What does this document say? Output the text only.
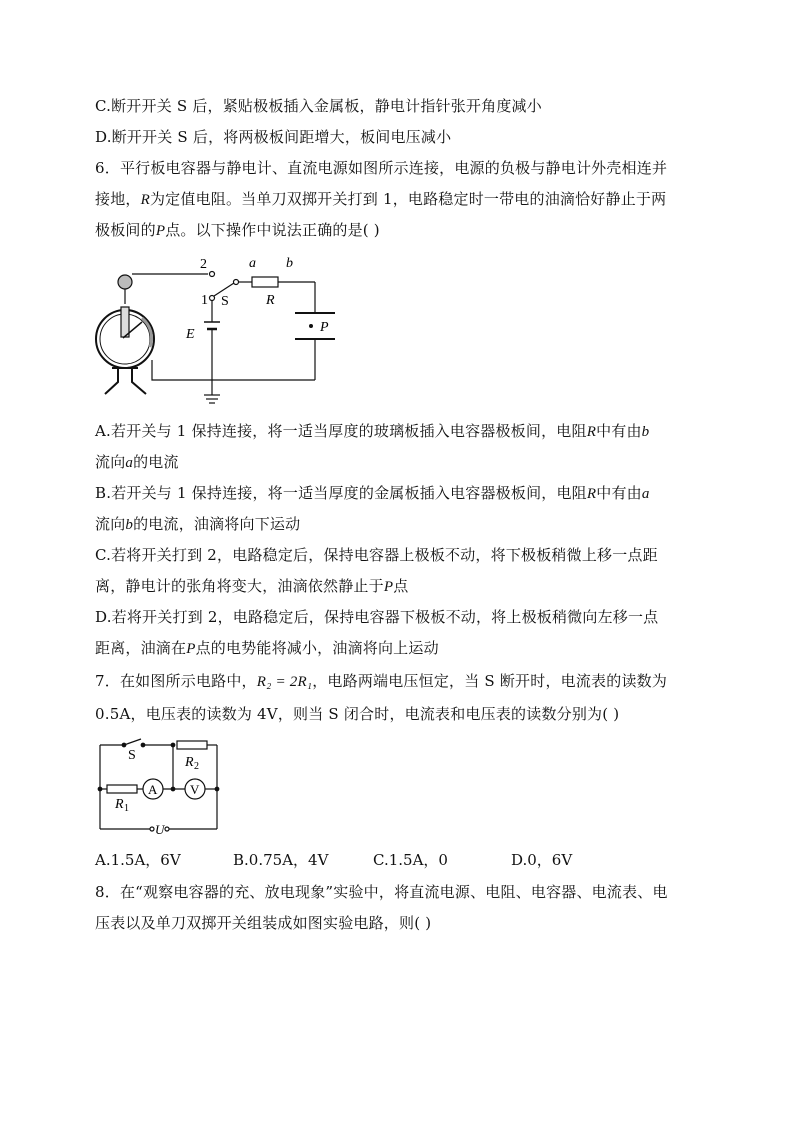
C.断开开关 S 后，紧贴极板插入金属板，静电计指针张开角度减小
D.断开开关 S 后，将两极板间距增大，板间电压减小
6．平行板电容器与静电计、直流电源如图所示连接，电源的负极与静电计外壳相连并
接地，R为定值电阻。当单刀双掷开关打到 1，电路稳定时一带电的油滴恰好静止于两
极板间的P点。以下操作中说法正确的是( )
2
1 S
a b
R
E	P
A.若开关与 1 保持连接，将一适当厚度的玻璃板插入电容器极板间，电阻R中有由b
流向a的电流
B.若开关与 1 保持连接，将一适当厚度的金属板插入电容器极板间，电阻R中有由a
流向b的电流，油滴将向下运动
C.若将开关打到 2，电路稳定后，保持电容器上极板不动，将下极板稍微上移一点距
离，静电计的张角将变大，油滴依然静止于P点
D.若将开关打到 2，电路稳定后，保持电容器下极板不动，将上极板稍微向左移一点
距离，油滴在P点的电势能将减小，油滴将向上运动
7．在如图所示电路中，R₂ = 2R₁，电路两端电压恒定，当 S 断开时，电流表的读数为
0.5A，电压表的读数为 4V，则当 S 闭合时，电流表和电压表的读数分别为( )
S	R 2
R 1
A	V
U
A.1.5A，6V	B.0.75A，4V	C.1.5A，0	D.0，6V
8．在“观察电容器的充、放电现象”实验中，将直流电源、电阻、电容器、电流表、电
压表以及单刀双掷开关组装成如图实验电路，则( )
